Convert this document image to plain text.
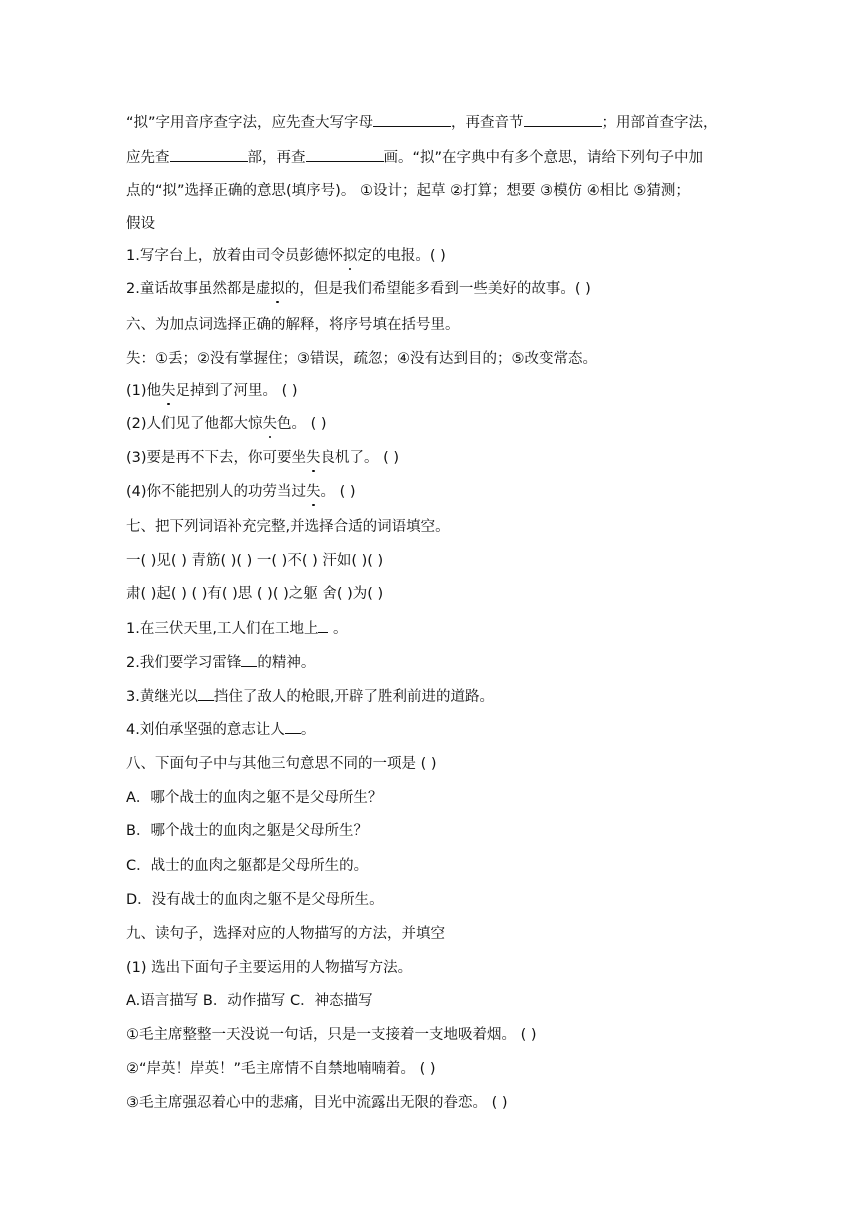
“拟”字用音序查字法，应先查大写字母	，再查音节	；用部首查字法，
应先查	部，再查	画。“拟”在字典中有多个意思，请给下列句子中加
点的“拟”选择正确的意思(填序号)。 ①设计；起草 ②打算；想要 ③模仿 ④相比 ⑤猜测；
假设
1.写字台上，放着由司令员彭德怀拟定的电报。( )
2.童话故事虽然都是虚拟的，但是我们希望能多看到一些美好的故事。( )
六、为加点词选择正确的解释，将序号填在括号里。
失：①丢；②没有掌握住；③错误，疏忽；④没有达到目的；⑤改变常态。
(1)他失足掉到了河里。 ( )
(2)人们见了他都大惊失色。 ( )
(3)要是再不下去，你可要坐失良机了。 ( )
(4)你不能把别人的功劳当过失。 ( )
七、把下列词语补充完整,并选择合适的词语填空。
一( )见( ) 青筋( )( ) 一( )不( ) 汗如( )( )
肃( )起( ) ( )有( )思 ( )( )之躯 舍( )为( )
1.在三伏天里,工人们在工地上 。
2.我们要学习雷锋 的精神。
3.黄继光以 挡住了敌人的枪眼,开辟了胜利前进的道路。
4.刘伯承坚强的意志让人 。
八、下面句子中与其他三句意思不同的一项是 ( )
A．哪个战士的血肉之躯不是父母所生？
B．哪个战士的血肉之躯是父母所生？
C．战士的血肉之躯都是父母所生的。
D．没有战士的血肉之躯不是父母所生。
九、读句子，选择对应的人物描写的方法，并填空
(1) 选出下面句子主要运用的人物描写方法。
A.语言描写 B．动作描写 C．神态描写
①毛主席整整一天没说一句话，只是一支接着一支地吸着烟。 ( )
②“岸英！岸英！”毛主席情不自禁地喃喃着。 ( )
③毛主席强忍着心中的悲痛，目光中流露出无限的眷恋。 ( )
